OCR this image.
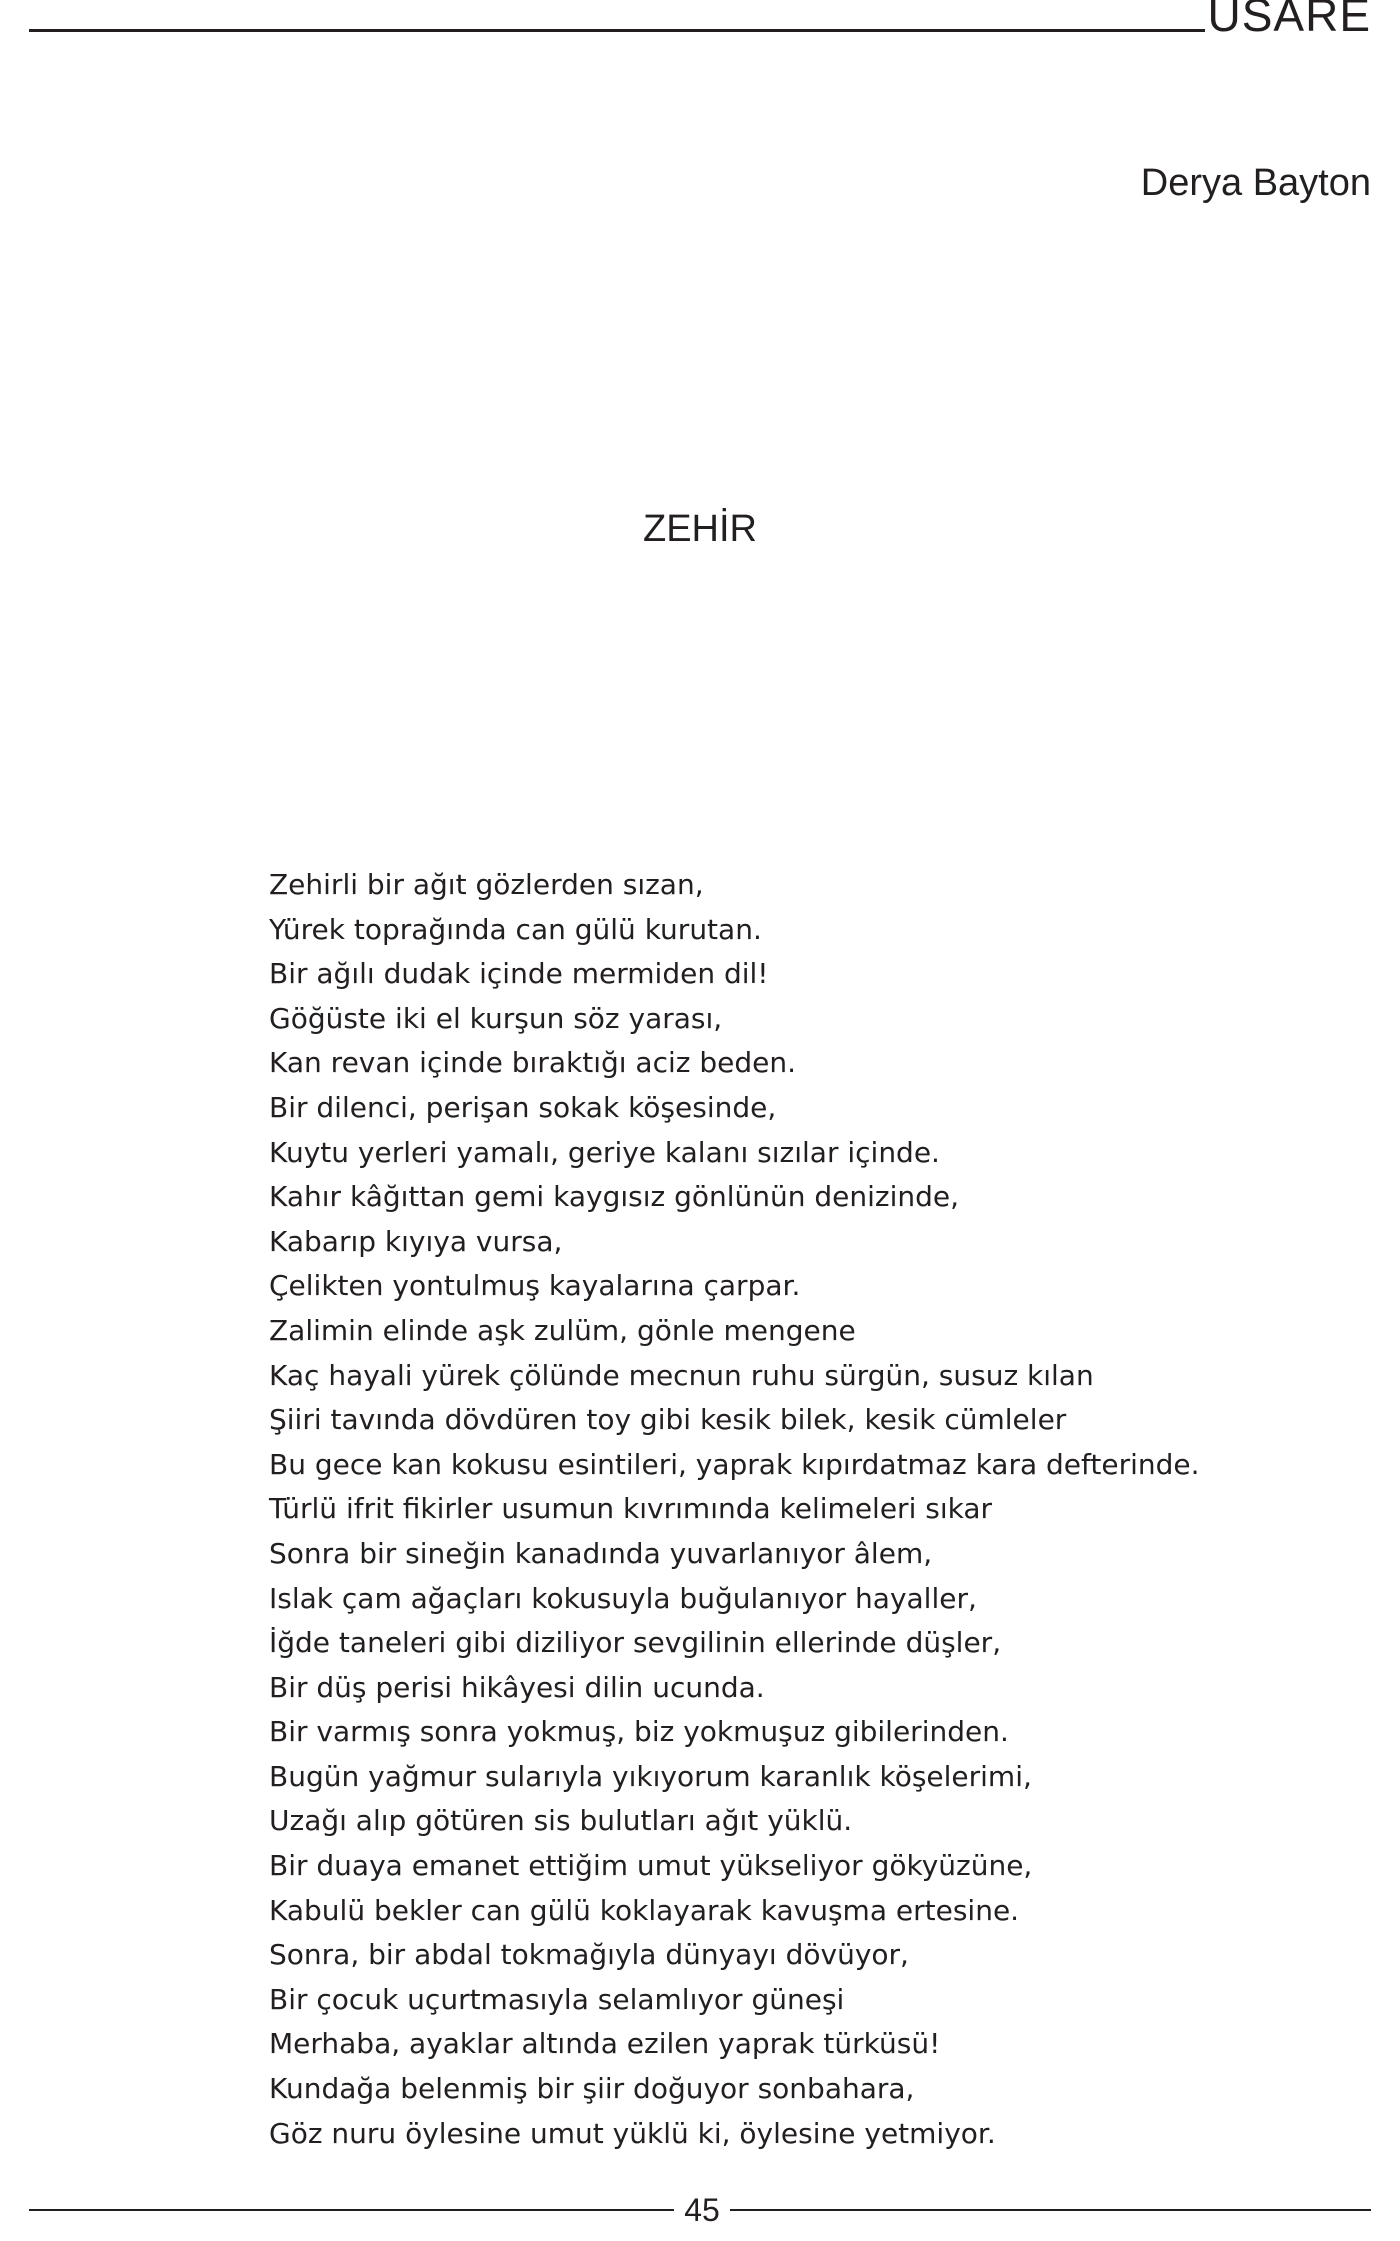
USARE
Derya Bayton
ZEHİR
Zehirli bir ağıt gözlerden sızan,
Yürek toprağında can gülü kurutan.
Bir ağılı dudak içinde mermiden dil!
Göğüste iki el kurşun söz yarası,
Kan revan içinde bıraktığı aciz beden.
Bir dilenci, perişan sokak köşesinde,
Kuytu yerleri yamalı, geriye kalanı sızılar içinde.
Kahır kâğıttan gemi kaygısız gönlünün denizinde,
Kabarıp kıyıya vursa,
Çelikten yontulmuş kayalarına çarpar.
Zalimin elinde aşk zulüm, gönle mengene
Kaç hayali yürek çölünde mecnun ruhu sürgün, susuz kılan
Şiiri tavında dövdüren toy gibi kesik bilek, kesik cümleler
Bu gece kan kokusu esintileri, yaprak kıpırdatmaz kara defterinde.
Türlü ifrit fikirler usumun kıvrımında kelimeleri sıkar
Sonra bir sineğin kanadında yuvarlanıyor âlem,
Islak çam ağaçları kokusuyla buğulanıyor hayaller,
İğde taneleri gibi diziliyor sevgilinin ellerinde düşler,
Bir düş perisi hikâyesi dilin ucunda.
Bir varmış sonra yokmuş, biz yokmuşuz gibilerinden.
Bugün yağmur sularıyla yıkıyorum karanlık köşelerimi,
Uzağı alıp götüren sis bulutları ağıt yüklü.
Bir duaya emanet ettiğim umut yükseliyor gökyüzüne,
Kabulü bekler can gülü koklayarak kavuşma ertesine.
Sonra, bir abdal tokmağıyla dünyayı dövüyor,
Bir çocuk uçurtmasıyla selamlıyor güneşi
Merhaba, ayaklar altında ezilen yaprak türküsü!
Kundağa belenmiş bir şiir doğuyor sonbahara,
Göz nuru öylesine umut yüklü ki, öylesine yetmiyor.
45
